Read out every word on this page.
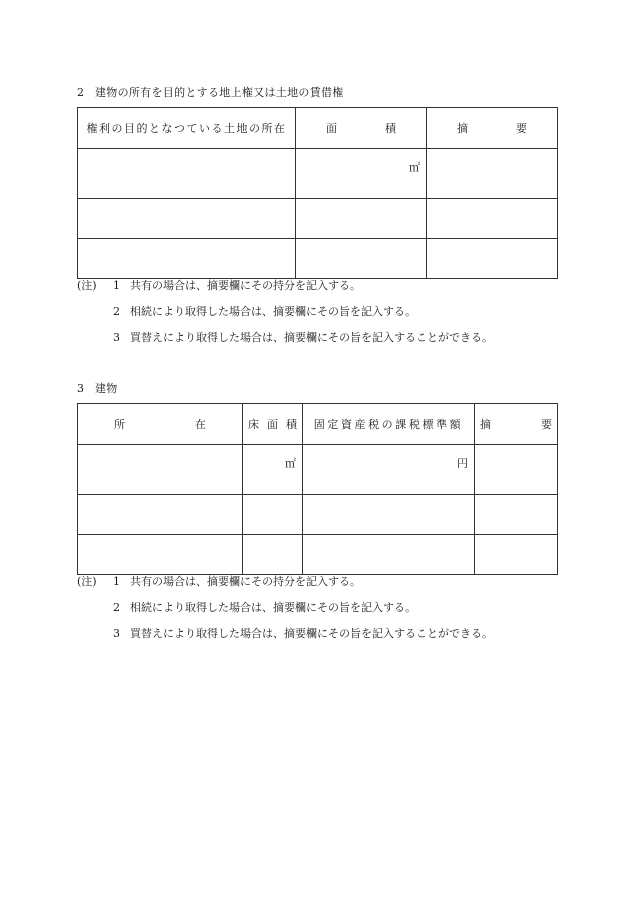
2 建物の所有を目的とする地上権又は土地の賃借権
権利の目的となつている土地の所在	面 積	摘 要

	㎡	

(注)	1 共有の場合は、摘要欄にその持分を記入する。
2 相続により取得した場合は、摘要欄にその旨を記入する。
3 買替えにより取得した場合は、摘要欄にその旨を記入することができる。
3 建物
所 在	床 面 積	固定資産税の課税標準額	摘 要

	㎡	円	

(注)	1 共有の場合は、摘要欄にその持分を記入する。
2 相続により取得した場合は、摘要欄にその旨を記入する。
3 買替えにより取得した場合は、摘要欄にその旨を記入することができる。
